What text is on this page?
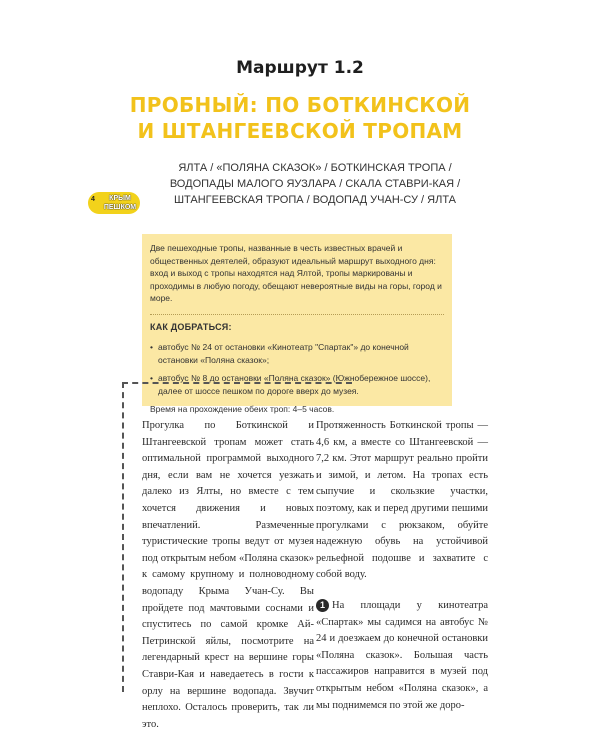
Маршрут 1.2
ПРОБНЫЙ: ПО БОТКИНСКОЙ
И ШТАНГЕЕВСКОЙ ТРОПАМ
ЯЛТА / «ПОЛЯНА СКАЗОК» / БОТКИНСКАЯ ТРОПА / ВОДОПАДЫ МАЛОГО ЯУЗЛАРА / СКАЛА СТАВРИ-КАЯ / ШТАНГЕЕВСКАЯ ТРОПА / ВОДОПАД УЧАН-СУ / ЯЛТА
4	КРЫМ
ПЕШКОМ

Две пешеходные тропы, названные в честь известных врачей и общественных деятелей, образуют идеальный маршрут выходного дня: вход и выход с тропы находятся над Ялтой, тропы маркированы и проходимы в любую погоду, обещают невероятные виды на горы, город и море.

КАК ДОБРАТЬСЯ:

• автобус № 24 от остановки «Кинотеатр "Спартак"» до конечной остановки «Поляна сказок»;
• автобус № 8 до остановки «Поляна сказок» (Южнобережное шоссе), далее от шоссе пешком по дороге вверх до музея.

Время на прохождение обеих троп: 4–5 часов.

Прогулка по Боткинской и Штангеевской тропам может стать оптимальной программой выходного дня, если вам не хочется уезжать далеко из Ялты, но вместе с тем хочется движения и новых впечатлений. Размеченные туристические тропы ведут от музея под открытым небом «Поляна сказок» к самому крупному и полноводному водопаду Крыма Учан-Су. Вы пройдете под мачтовыми соснами и спуститесь по самой кромке Ай-Петринской яйлы, посмотрите на легендарный крест на вершине горы Ставри-Кая и наведаетесь в гости к орлу на вершине водопада. Звучит неплохо. Осталось проверить, так ли это.

Протяженность Боткинской тропы — 4,6 км, а вместе со Штангеевской — 7,2 км. Этот маршрут реально пройти и зимой, и летом. На тропах есть сыпучие и скользкие участки, поэтому, как и перед другими пешими прогулками с рюкзаком, обуйте надежную обувь на устойчивой рельефной подошве и захватите с собой воду.

1 На площади у кинотеатра «Спартак» мы садимся на автобус № 24 и доезжаем до конечной остановки «Поляна сказок». Большая часть пассажиров направится в музей под открытым небом «Поляна сказок», а мы поднимемся по этой же доро-
